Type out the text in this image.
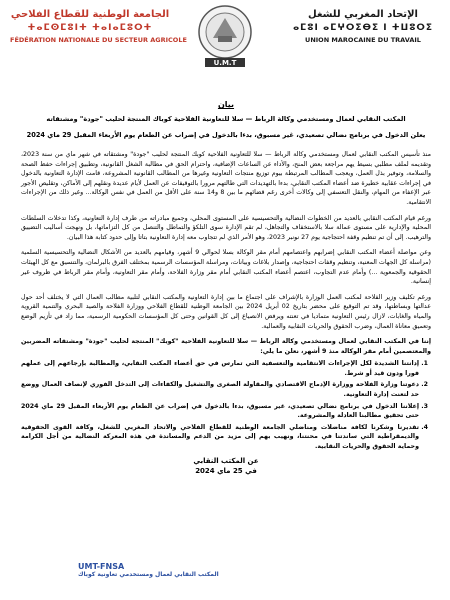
الإتحاد المغربي للشغل
ⴰⵎⵓⵏ ⴰⵎⵖⵔⵉⴱⵉ ⵏ ⵜⵡⵓⵔⵉ
UNION MAROCAINE DU TRAVAIL
U.M.T
الجامعة الوطنية للقطاع الفلاحي
ⵜⴰⵎⵙⵎⵓⵏⵜ ⵜⴰⵏⴰⵎⵓⵔⵜ
FÉDÉRATION NATIONALE DU SECTEUR AGRICOLE
بيان
المكتب النقابي لعمال ومستخدمي وكالة الرباط — سلا للتعاونية الفلاحية كوباك المنتجة لحليب "جودة" ومشتقاته
يعلن الدخول في برنامج نضالي تصعيدي، غير مسبوق، بدءا بالدخول في إضراب عن الطعام يوم الأربعاء المقبل 29 ماي 2024

منذ تأسيس المكتب النقابي لعمال ومستخدمي وكالة الرباط — سلا للتعاونية الفلاحية كوبك المنتجة لحليب "جودة" ومشتقاته في شهر ماي من سنة 2023، وتقديمه لملف مطلبي بسيط يهم مراجعة بعض المنح، والأداء عن الساعات الإضافية، واحترام الحق في مطالبة الشغل القانونية، وتطبيق إجراءات حفظ الصحة والسلامة، وتوفير بذل العمل، ويعجب المطالب المرتبطة بيوم توزيع منتجات التعاونية وغيرها من المطالب القانونية المشروعة، قامت الإدارة التعاونية بالدخول في إجراءات عقابية خطيرة ضد أعضاء المكتب النقابي، بدءا بالتهديدات التي طالتهم مرورا بالتوقيفات عن العمل لأيام عديدة ونقلهم إلى الأماكن، وتقليص الأجور عبر الإعفاء من المهام، والنقل التعسفي إلى وكالات أخرى رغم قضائهم ما بين 8 و14 سنة على الأقل من العمل في نفس الوكالة... وغير ذلك من الإجراءات الانتقامية.

ورغم قيام المكتب النقابي بالعديد من الخطوات النضالية والتحسيسية على المستوى المحلي، وجميع مبادراته من طرف إدارة التعاونية، وكذا تدخلات السلطات المحلية والإدارية على مستوى عمالة سلا بالاستخفاف والتجاهل، لم تقم الإدارة سوى التلكؤ والتماطل والتنصل من كل التزاماتها، بل ونهجت أساليب التضييق والترهيب. إلى أن تم تنظيم وقفة احتجاجية يوم 27 نونبر 2023، وهو الأمر الذي لم تتجاوب معه إدارة التعاونية بتاتا وإلى حدود كتابة هذا البيان.

وعن مواصلة أعضاء المكتب النقابي إضرابهم واعتصامهم أمام مقر الوكالة بسلا لحوالي 9 أشهر، وقيامهم بالعديد من الأشكال النضالية والتحسيسية السلمية (مراسلة كل الجهات المعنية، وتنظيم وقفات احتجاجية، وإصدار بلاغات وبيانات، ومراسلة المؤسسات الرسمية بمختلف الفرق بالبرلمان، والتنسيق مع كل الهيئات الحقوقية والجمعوية ...) وأمام عدم التجاوب، اعتصم أعضاء المكتب النقابي أمام مقر وزارة الفلاحة، وأمام مقر التعاونية، وأمام مقر الرباط في ظروف غير إنسانية.

ورغم تكليف وزير الفلاحة لمكتب العمل الوزارة بالإشراف على اجتماع ما بين إدارة التعاونية والمكتب النقابي لتلبية مطالب العمال التي لا يختلف أحد حول عدالتها وبساطتها، وقد تم التوقيع على محضر بتاريخ 02 أبريل 2024 بين الجامعة الوطنية للقطاع الفلاحي ووزارة الفلاحة والصيد البحري والتنمية القروية والمياه والغابات، لازال رئيس التعاونية متماديا في تعنته ويرفض الانصياع إلى كل القوانين وحتى كل المؤسسات الحكومية الرسمية، مما زاد في تأزيم الوضع وتعميق معاناة العمال، وضرب الحقوق والحريات النقابية والعمالية.

إننا في المكتب النقابي لعمال ومستخدمي وكالة الرباط — سلا للتعاونية الفلاحية "كوبك" المنتجة لحليب "جودة" ومشتقاته المضربين والمعتصمين أمام مقر الوكالة منذ 9 أشهر، نعلن ما يلي:

1. إدانتنا الشديدة لكل الإجراءات الانتقامية والتعسفية التي تمارس في حق أعضاء المكتب النقابي، والمطالبة بإرجاعهم إلى عملهم فورا ودون قيد أو شرط.
2. دعوتنا وزارة الفلاحة ووزارة الإدماج الاقتصادي والمقاولة الصغرى والتشغيل والكفاءات إلى التدخل الفوري لإنصاف العمال ووضع حد لتعنت إدارة التعاونية.
3. إعلاننا الدخول في برنامج نضالي تصعيدي، غير مسبوق، بدءا بالدخول في إضراب عن الطعام يوم الأربعاء المقبل 29 ماي 2024 حتى تحقيق مطالبنا العادلة والمشروعة.
4. تقديرنا وشكرنا لكافة مناضلات ومناضلي الجامعة الوطنية للقطاع الفلاحي والاتحاد المغربي للشغل، وكافة القوى الحقوقية والديمقراطية التي ساندتنا في محنتنا، ونهيب بهم إلى مزيد من الدعم والمساندة في هذه المعركة النضالية من أجل الكرامة وحماية الحقوق والحريات النقابية.
عن المكتب النقابي
في 25 ماي 2024
UMT-FNSA
المكتب النقابي لعمال ومستخدمي تعاونية كوباك
